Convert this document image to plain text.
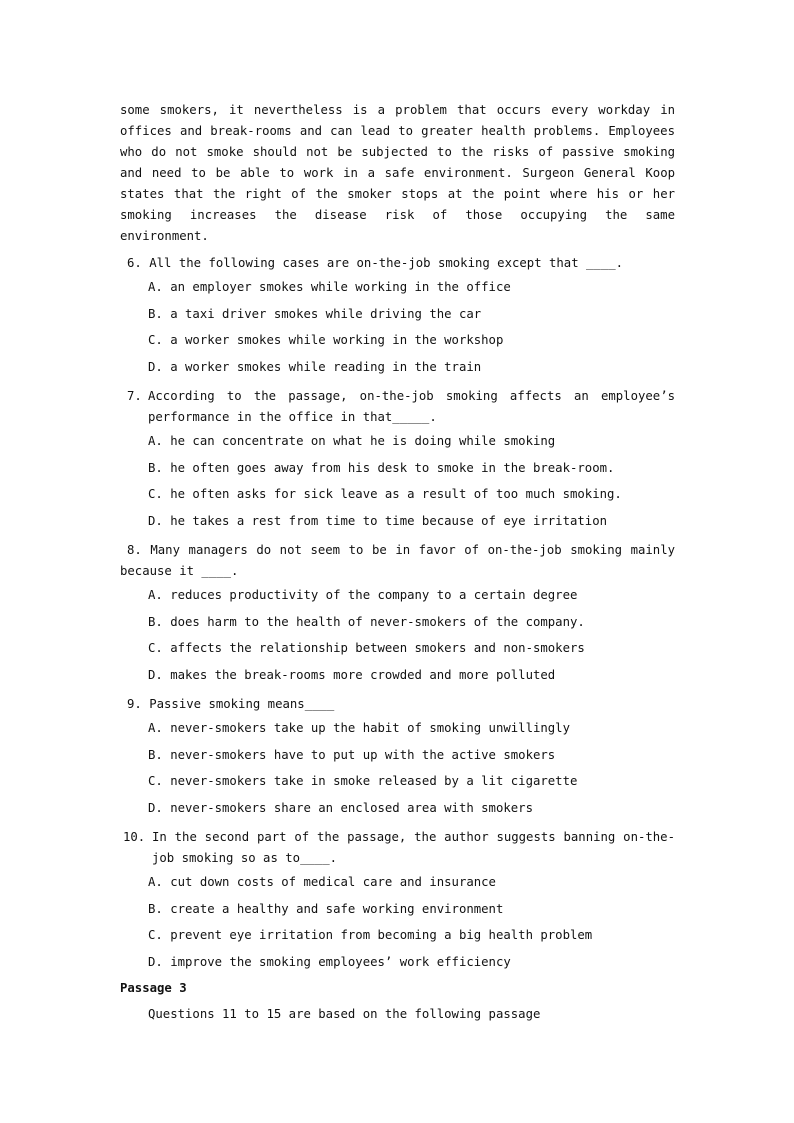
some smokers, it nevertheless is a problem that occurs every workday in offices and break-rooms and can lead to greater health problems. Employees who do not smoke should not be subjected to the risks of passive smoking and need to be able to work in a safe environment. Surgeon General Koop states that the right of the smoker stops at the point where his or her smoking increases the disease risk of those occupying the same environment.

6. All the following cases are on-the-job smoking except that ____.
A. an employer smokes while working in the office
B. a taxi driver smokes while driving the car
C. a worker smokes while working in the workshop
D. a worker smokes while reading in the train
7. According to the passage, on-the-job smoking affects an employee’s performance in the office in that_____.
A. he can concentrate on what he is doing while smoking
B. he often goes away from his desk to smoke in the break-room.
C. he often asks for sick leave as a result of too much smoking.
D. he takes a rest from time to time because of eye irritation
8. Many managers do not seem to be in favor of on-the-job smoking mainly because it ____.
A. reduces productivity of the company to a certain degree
B. does harm to the health of never-smokers of the company.
C. affects the relationship between smokers and non-smokers
D. makes the break-rooms more crowded and more polluted
9. Passive smoking means____
A. never-smokers take up the habit of smoking unwillingly
B. never-smokers have to put up with the active smokers
C. never-smokers take in smoke released by a lit cigarette
D. never-smokers share an enclosed area with smokers
10. In the second part of the passage, the author suggests banning on-the-job smoking so as to____.
A. cut down costs of medical care and insurance
B. create a healthy and safe working environment
C. prevent eye irritation from becoming a big health problem
D. improve the smoking employees’ work efficiency
Passage 3
Questions 11 to 15 are based on the following passage
